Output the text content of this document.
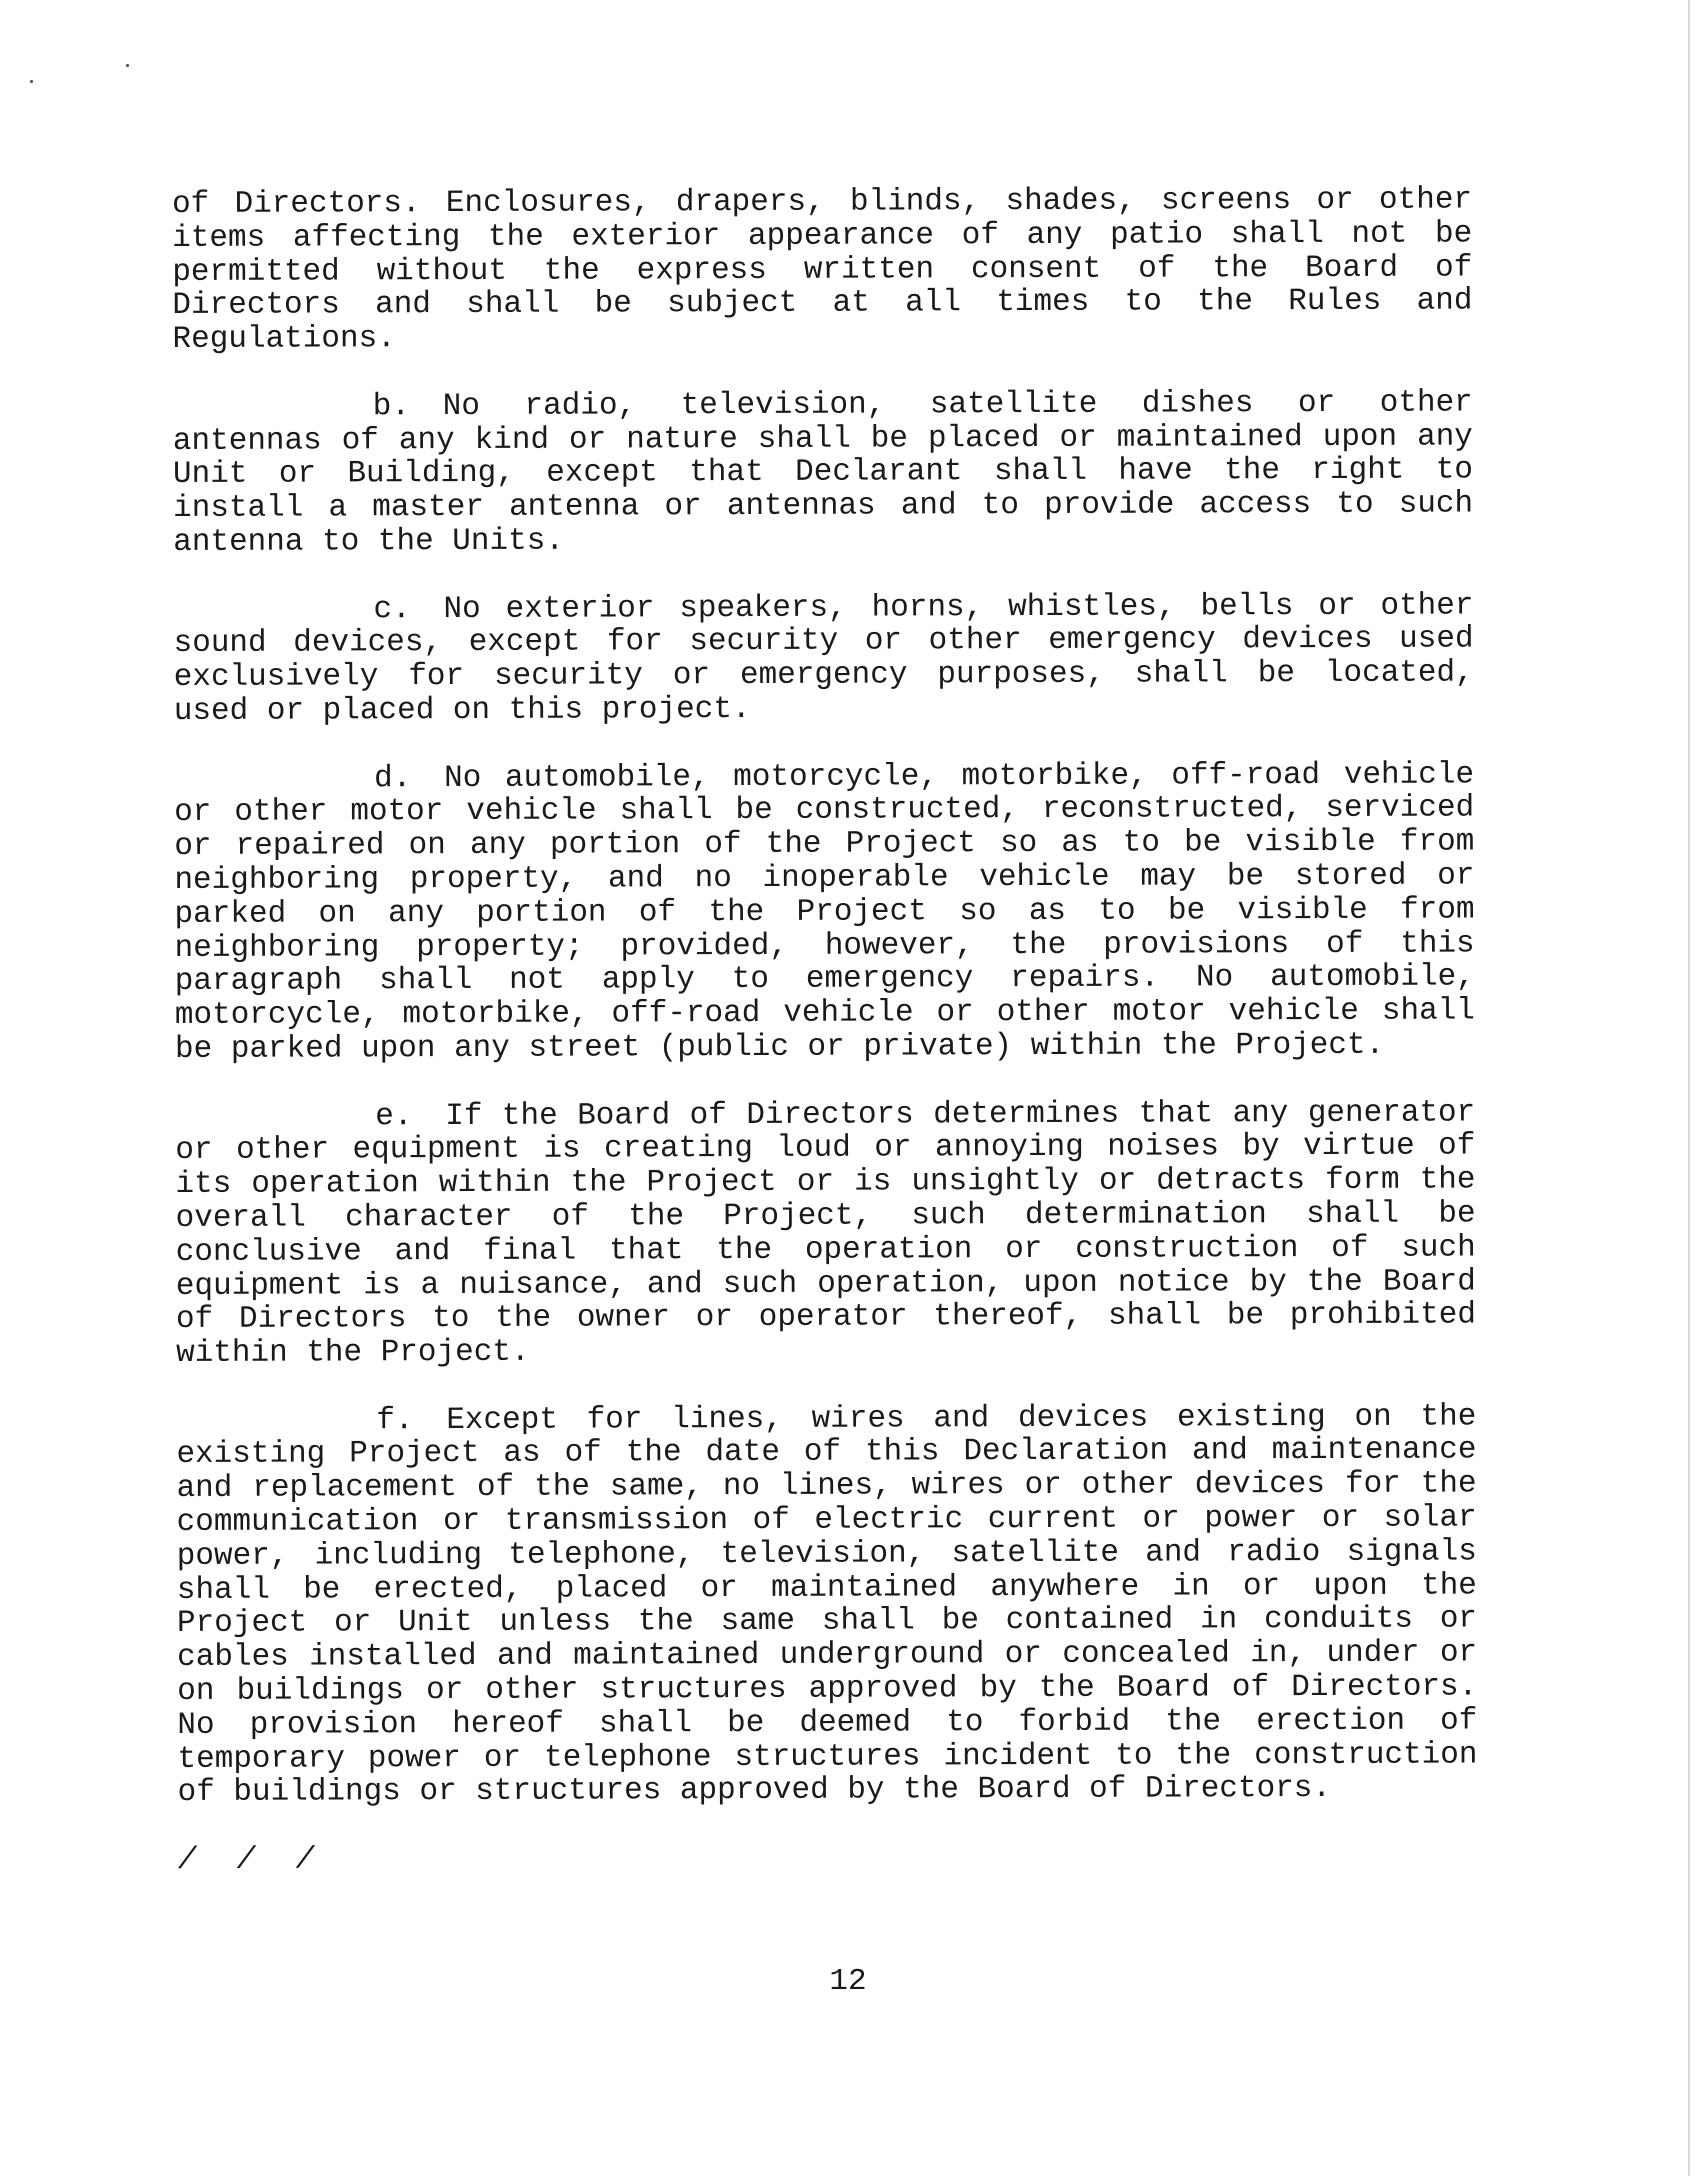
of Directors. Enclosures, drapers, blinds, shades, screens or other items affecting the exterior appearance of any patio shall not be permitted without the express written consent of the Board of Directors and shall be subject at all times to the Rules and Regulations.

b. No radio, television, satellite dishes or other antennas of any kind or nature shall be placed or maintained upon any Unit or Building, except that Declarant shall have the right to install a master antenna or antennas and to provide access to such antenna to the Units.

c. No exterior speakers, horns, whistles, bells or other sound devices, except for security or other emergency devices used exclusively for security or emergency purposes, shall be located, used or placed on this project.

d. No automobile, motorcycle, motorbike, off-road vehicle or other motor vehicle shall be constructed, reconstructed, serviced or repaired on any portion of the Project so as to be visible from neighboring property, and no inoperable vehicle may be stored or parked on any portion of the Project so as to be visible from neighboring property; provided, however, the provisions of this paragraph shall not apply to emergency repairs. No automobile, motorcycle, motorbike, off-road vehicle or other motor vehicle shall be parked upon any street (public or private) within the Project.

e. If the Board of Directors determines that any generator or other equipment is creating loud or annoying noises by virtue of its operation within the Project or is unsightly or detracts form the overall character of the Project, such determination shall be conclusive and final that the operation or construction of such equipment is a nuisance, and such operation, upon notice by the Board of Directors to the owner or operator thereof, shall be prohibited within the Project.

f. Except for lines, wires and devices existing on the existing Project as of the date of this Declaration and maintenance and replacement of the same, no lines, wires or other devices for the communication or transmission of electric current or power or solar power, including telephone, television, satellite and radio signals shall be erected, placed or maintained anywhere in or upon the Project or Unit unless the same shall be contained in conduits or cables installed and maintained underground or concealed in, under or on buildings or other structures approved by the Board of Directors. No provision hereof shall be deemed to forbid the erection of temporary power or telephone structures incident to the construction of buildings or structures approved by the Board of Directors.

/ / /

12
